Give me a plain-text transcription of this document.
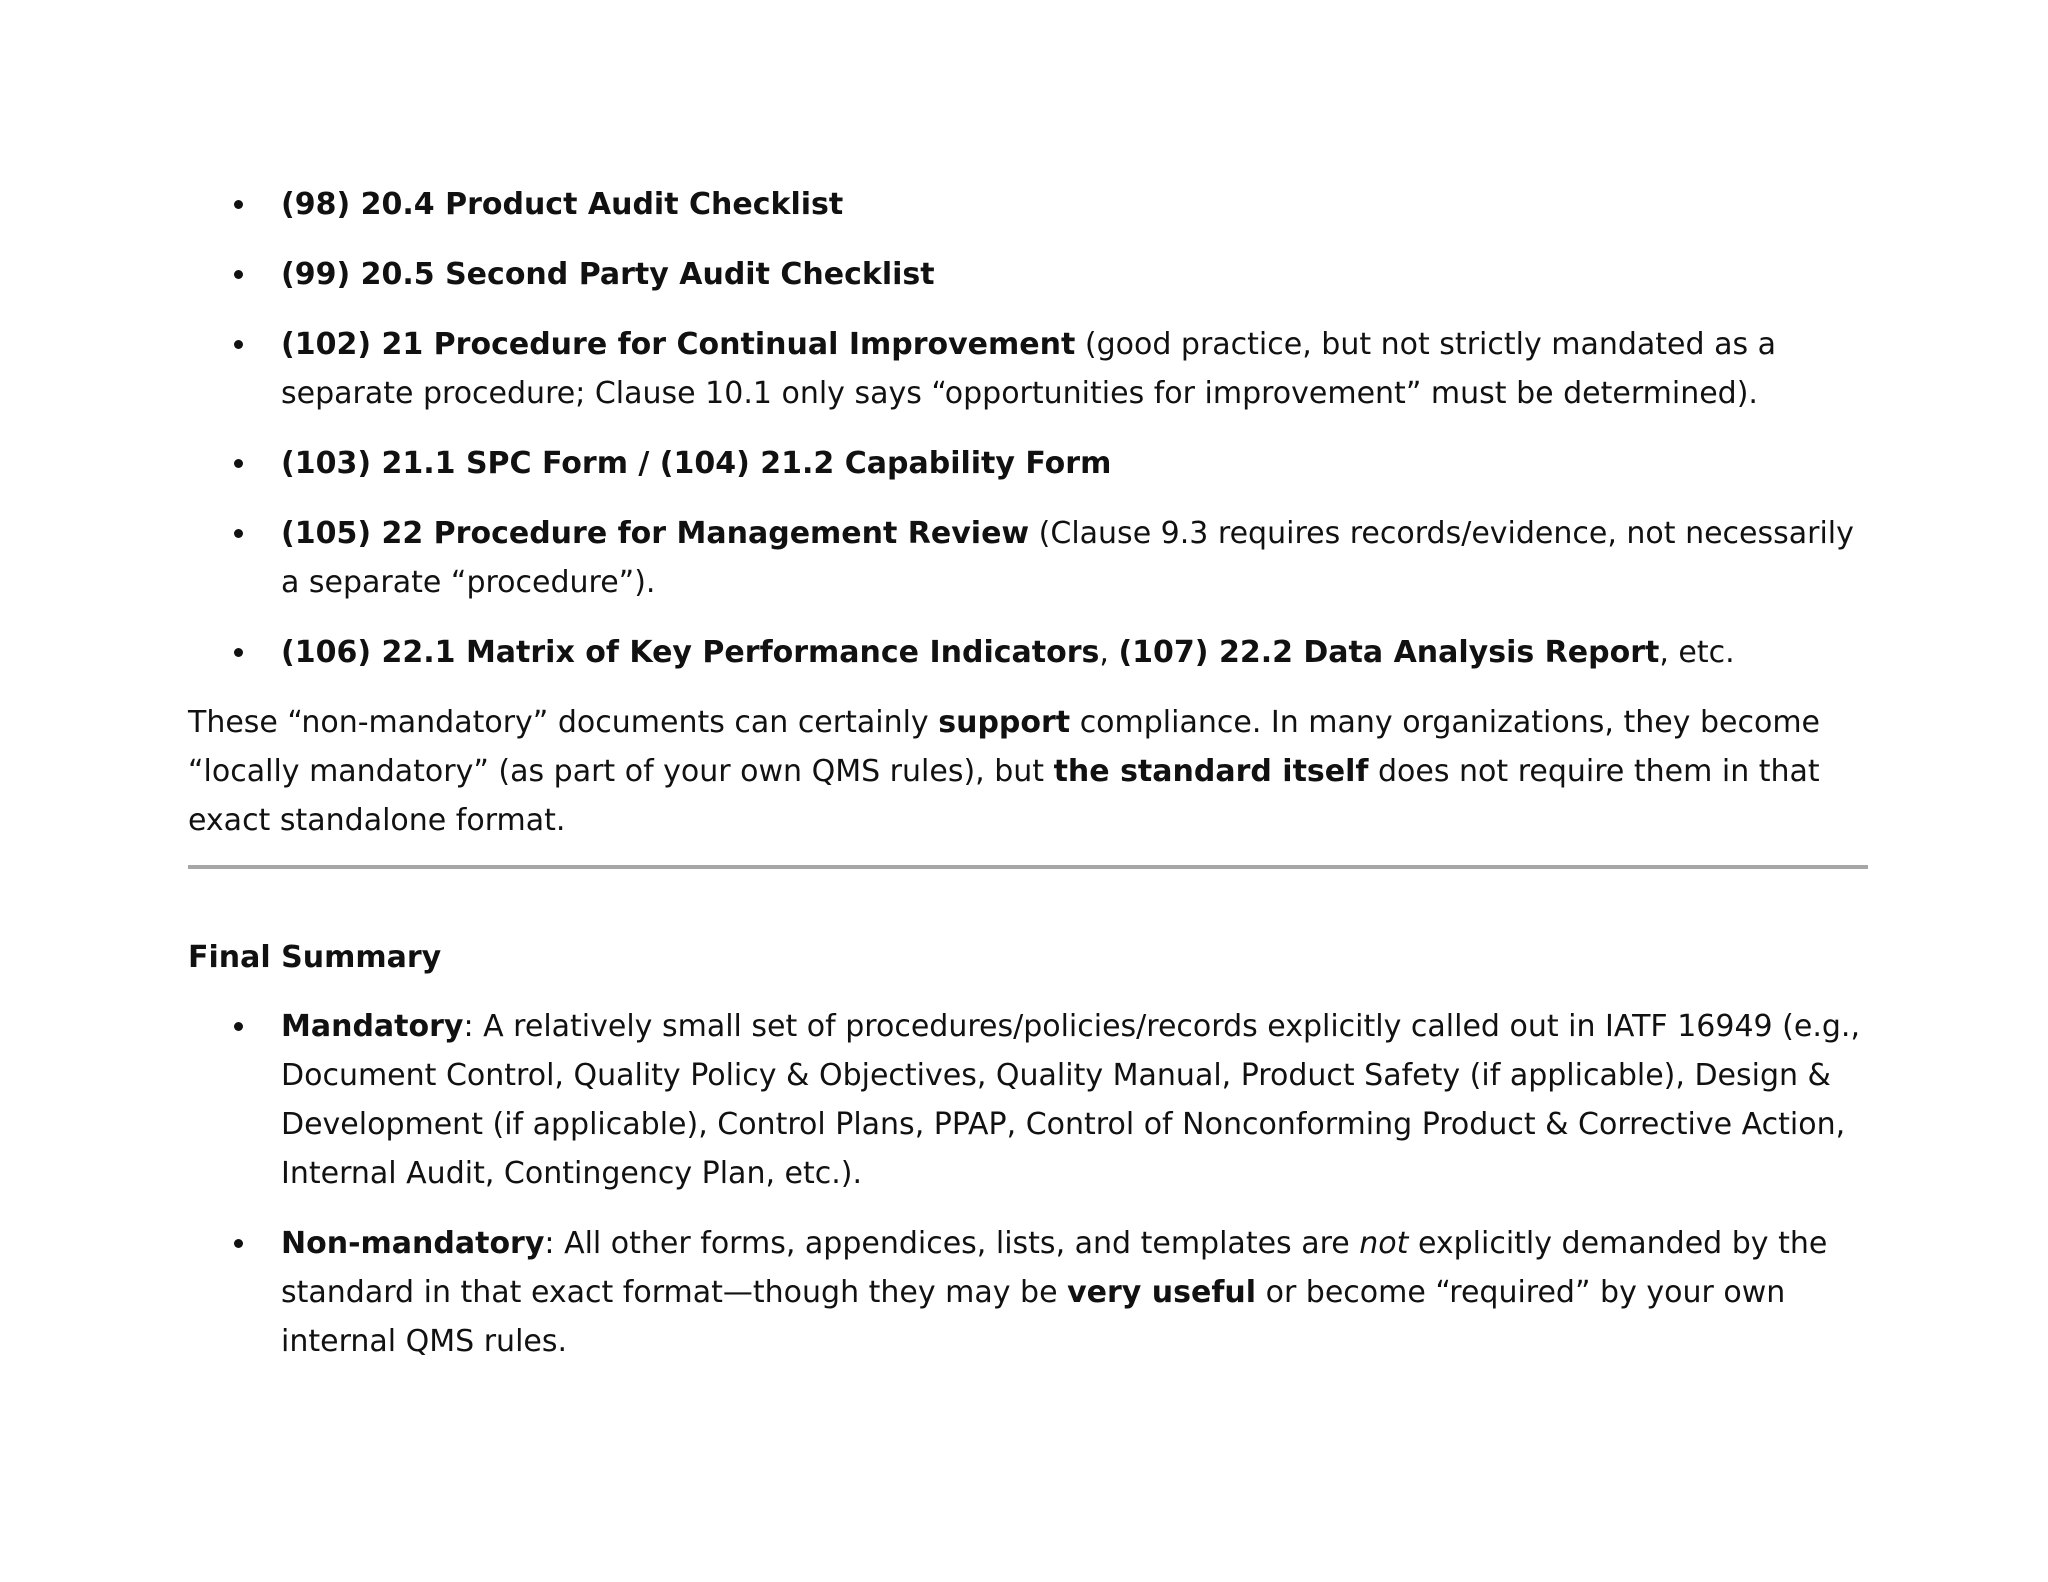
(98) 20.4 Product Audit Checklist
(99) 20.5 Second Party Audit Checklist
(102) 21 Procedure for Continual Improvement (good practice, but not strictly mandated as a separate procedure; Clause 10.1 only says “opportunities for improvement” must be determined).
(103) 21.1 SPC Form / (104) 21.2 Capability Form
(105) 22 Procedure for Management Review (Clause 9.3 requires records/evidence, not necessarily a separate “procedure”).
(106) 22.1 Matrix of Key Performance Indicators, (107) 22.2 Data Analysis Report, etc.

These “non-mandatory” documents can certainly support compliance. In many organizations, they become “locally mandatory” (as part of your own QMS rules), but the standard itself does not require them in that exact standalone format.

Final Summary
Mandatory: A relatively small set of procedures/policies/records explicitly called out in IATF 16949 (e.g., Document Control, Quality Policy & Objectives, Quality Manual, Product Safety (if applicable), Design & Development (if applicable), Control Plans, PPAP, Control of Nonconforming Product & Corrective Action, Internal Audit, Contingency Plan, etc.).
Non-mandatory: All other forms, appendices, lists, and templates are not explicitly demanded by the standard in that exact format—though they may be very useful or become “required” by your own internal QMS rules.
